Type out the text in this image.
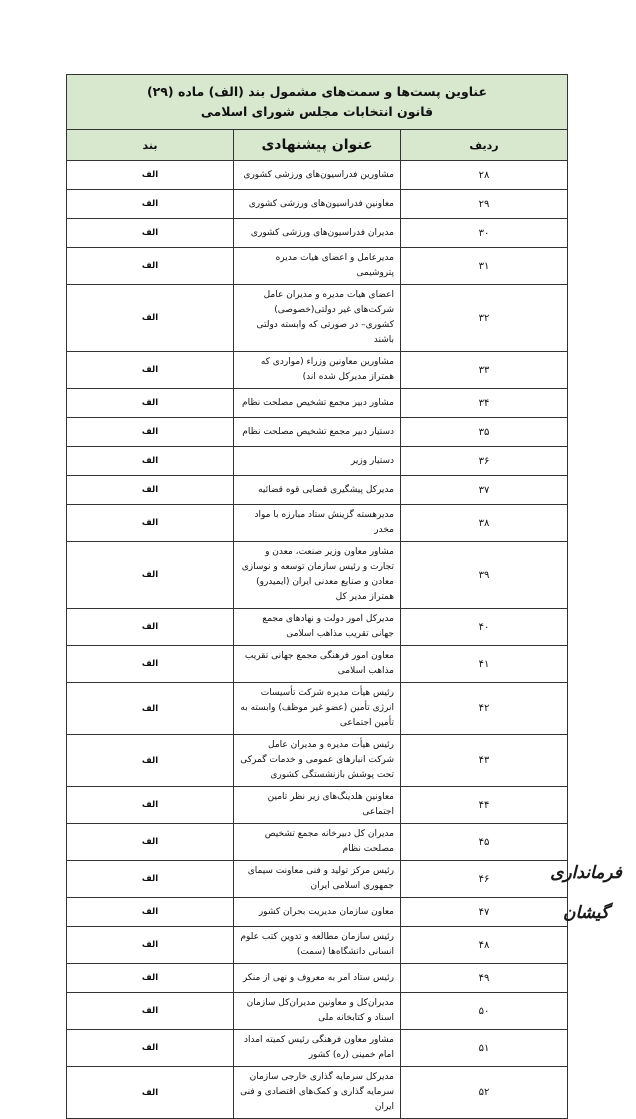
عناوین پست‌ها و سمت‌های مشمول بند (الف) ماده (۲۹)
قانون انتخابات مجلس شورای اسلامی		

ردیف	عنوان پیشنهادی	بند
۲۸	مشاورین فدراسیون‌های ورزشی کشوری	الف
۲۹	معاونین فدراسیون‌های ورزشی کشوری	الف
۳۰	مدیران فدراسیون‌های ورزشی کشوری	الف
۳۱	مدیرعامل و اعضای هیات مدیره پتروشیمی	الف
۳۲	اعضای هیات مدیره و مدیران عامل شرکت‌های غیر دولتی(خصوصی) کشوری– در صورتی که وابسته دولتی باشند	الف
۳۳	مشاورین معاونین وزراء (مواردی که همتراز مدیرکل شده اند)	الف
۳۴	مشاور دبیر مجمع تشخیص مصلحت نظام	الف
۳۵	دستیار دبیر مجمع تشخیص مصلحت نظام	الف
۳۶	دستیار وزیر	الف
۳۷	مدیرکل پیشگیری قضایی قوه قضائیه	الف
۳۸	مدیرهسته گزینش ستاد مبارزه با مواد مخدر	الف
۳۹	مشاور معاون وزیر صنعت، معدن و تجارت و رئیس سازمان توسعه و نوسازی معادن و صنایع معدنی ایران (ایمیدرو) همتراز مدیر کل	الف
۴۰	مدیرکل امور دولت و نهادهای مجمع جهانی تقریب مذاهب اسلامی	الف
۴۱	معاون امور فرهنگی مجمع جهانی تقریب مذاهب اسلامی	الف
۴۲	رئیس هیأت مدیره شرکت تأسیسات انرژی تأمین (عضو غیر موظف) وابسته به تأمین اجتماعی	الف
۴۳	رئیس هیأت مدیره و مدیران عامل شرکت انبارهای عمومی و خدمات گمرکی تحت پوشش بازنشستگی کشوری	الف
۴۴	معاونین هلدینگ‌های زیر نظر تامین اجتماعی	الف
۴۵	مدیران کل دبیرخانه مجمع تشخیص مصلحت نظام	الف
۴۶	رئیس مرکز تولید و فنی معاونت سیمای جمهوری اسلامی ایران	الف
۴۷	معاون سازمان مدیریت بحران کشور	الف
۴۸	رئیس سازمان مطالعه و تدوین کتب علوم انسانی دانشگاه‌ها (سمت)	الف
۴۹	رئیس ستاد امر به معروف و نهی از منکر	الف
۵۰	مدیران‌کل و معاونین مدیران‌کل سازمان اسناد و کتابخانه ملی	الف
۵۱	مشاور معاون فرهنگی رئیس کمیته امداد امام خمینی (ره) کشور	الف
۵۲	مدیرکل سرمایه گذاری خارجی سازمان سرمایه گذاری و کمک‌های اقتصادی و فنی ایران	الف
فرمانداری گیشان
